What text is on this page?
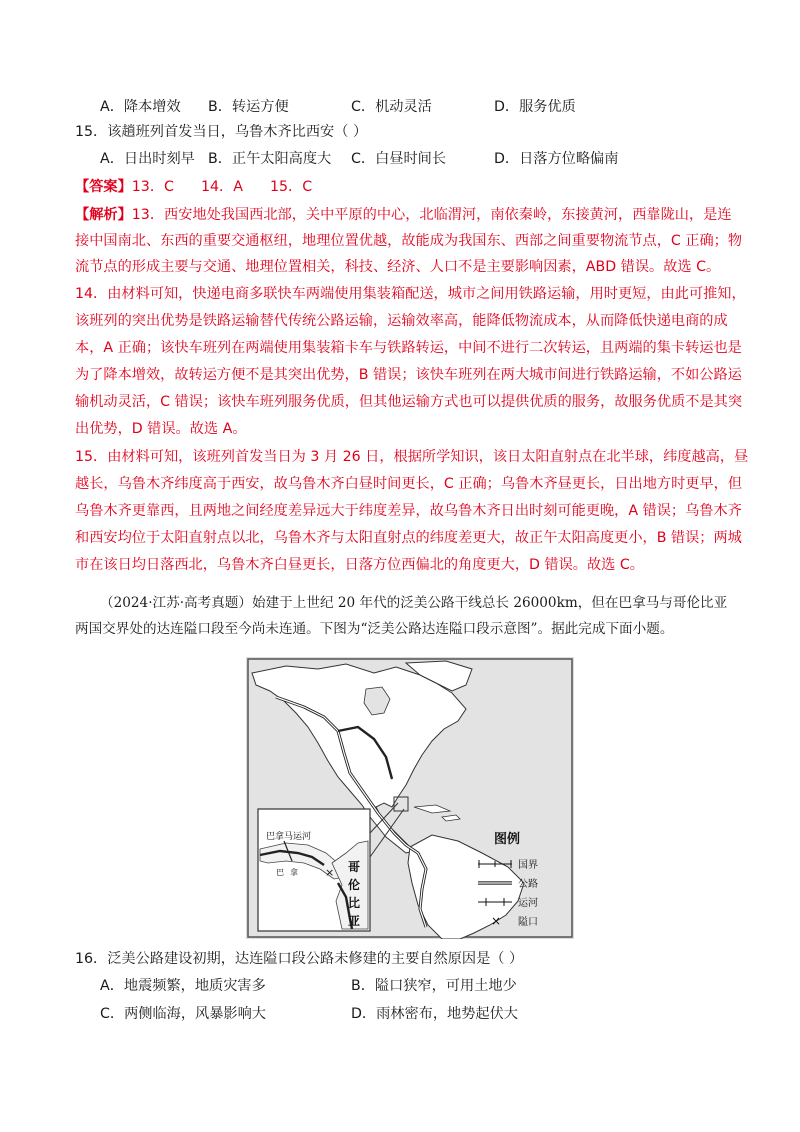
A．降本增效 B．转运方便	C．机动灵活	D．服务优质
15．该趟班列首发当日，乌鲁木齐比西安（ ）
A．日出时刻早 B．正午太阳高度大 C．白昼时间长	D．日落方位略偏南
【答案】13．C      14．A      15．C
【解析】13．西安地处我国西北部，关中平原的中心，北临渭河，南依秦岭，东接黄河，西靠陇山，是连
接中国南北、东西的重要交通枢纽，地理位置优越，故能成为我国东、西部之间重要物流节点，C 正确；物
流节点的形成主要与交通、地理位置相关，科技、经济、人口不是主要影响因素，ABD 错误。故选 C。
14．由材料可知，快递电商多联快车两端使用集装箱配送，城市之间用铁路运输，用时更短，由此可推知，
该班列的突出优势是铁路运输替代传统公路运输，运输效率高，能降低物流成本，从而降低快递电商的成
本，A 正确；该快车班列在两端使用集装箱卡车与铁路转运，中间不进行二次转运，且两端的集卡转运也是
为了降本增效，故转运方便不是其突出优势，B 错误；该快车班列在两大城市间进行铁路运输，不如公路运
输机动灵活，C 错误；该快车班列服务优质，但其他运输方式也可以提供优质的服务，故服务优质不是其突
出优势，D 错误。故选 A。
15．由材料可知，该班列首发当日为 3 月 26 日，根据所学知识，该日太阳直射点在北半球，纬度越高，昼
越长，乌鲁木齐纬度高于西安，故乌鲁木齐白昼时间更长，C 正确；乌鲁木齐昼更长，日出地方时更早，但
乌鲁木齐更靠西，且两地之间经度差异远大于纬度差异，故乌鲁木齐日出时刻可能更晚，A 错误；乌鲁木齐
和西安均位于太阳直射点以北，乌鲁木齐与太阳直射点的纬度差更大，故正午太阳高度更小，B 错误；两城
市在该日均日落西北，乌鲁木齐白昼更长，日落方位西偏北的角度更大，D 错误。故选 C。
（2024·江苏·高考真题）始建于上世纪 20 年代的泛美公路干线总长 26000km，但在巴拿马与哥伦比亚
两国交界处的达连隘口段至今尚未连通。下图为“泛美公路达连隘口段示意图”。据此完成下面小题。
×
巴拿马运河
巴 拿	哥
伦
比
亚
图例
国界
公路
运河
× 隘口
16．泛美公路建设初期，达连隘口段公路未修建的主要自然原因是（ ）
A．地震频繁，地质灾害多	B．隘口狭窄，可用土地少
C．两侧临海，风暴影响大	D．雨林密布，地势起伏大
